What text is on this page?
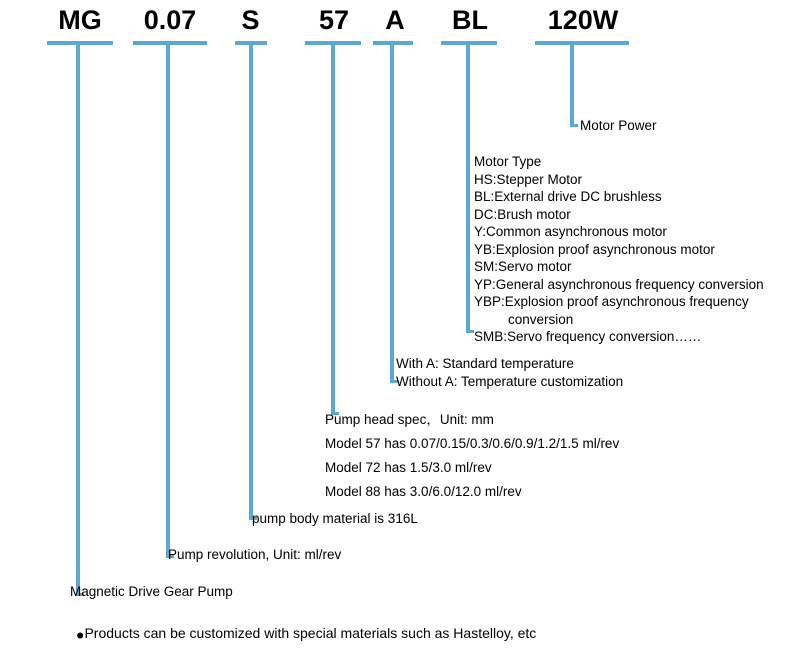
MG	0.07	S	57	A	BL	120W
Motor Power
Motor Type
HS:Stepper Motor
BL:External drive DC brushless
DC:Brush motor
Y:Common asynchronous motor
YB:Explosion proof asynchronous motor
SM:Servo motor
YP:General asynchronous frequency conversion
YBP:Explosion proof asynchronous frequency
conversion
SMB:Servo frequency conversion……
With A: Standard temperature
Without A: Temperature customization
Pump head spec，Unit: mm
Model 57 has 0.07/0.15/0.3/0.6/0.9/1.2/1.5 ml/rev
Model 72 has 1.5/3.0 ml/rev
Model 88 has 3.0/6.0/12.0 ml/rev
pump body material is 316L
Pump revolution, Unit: ml/rev
Magnetic Drive Gear Pump
●Products can be customized with special materials such as Hastelloy, etc
